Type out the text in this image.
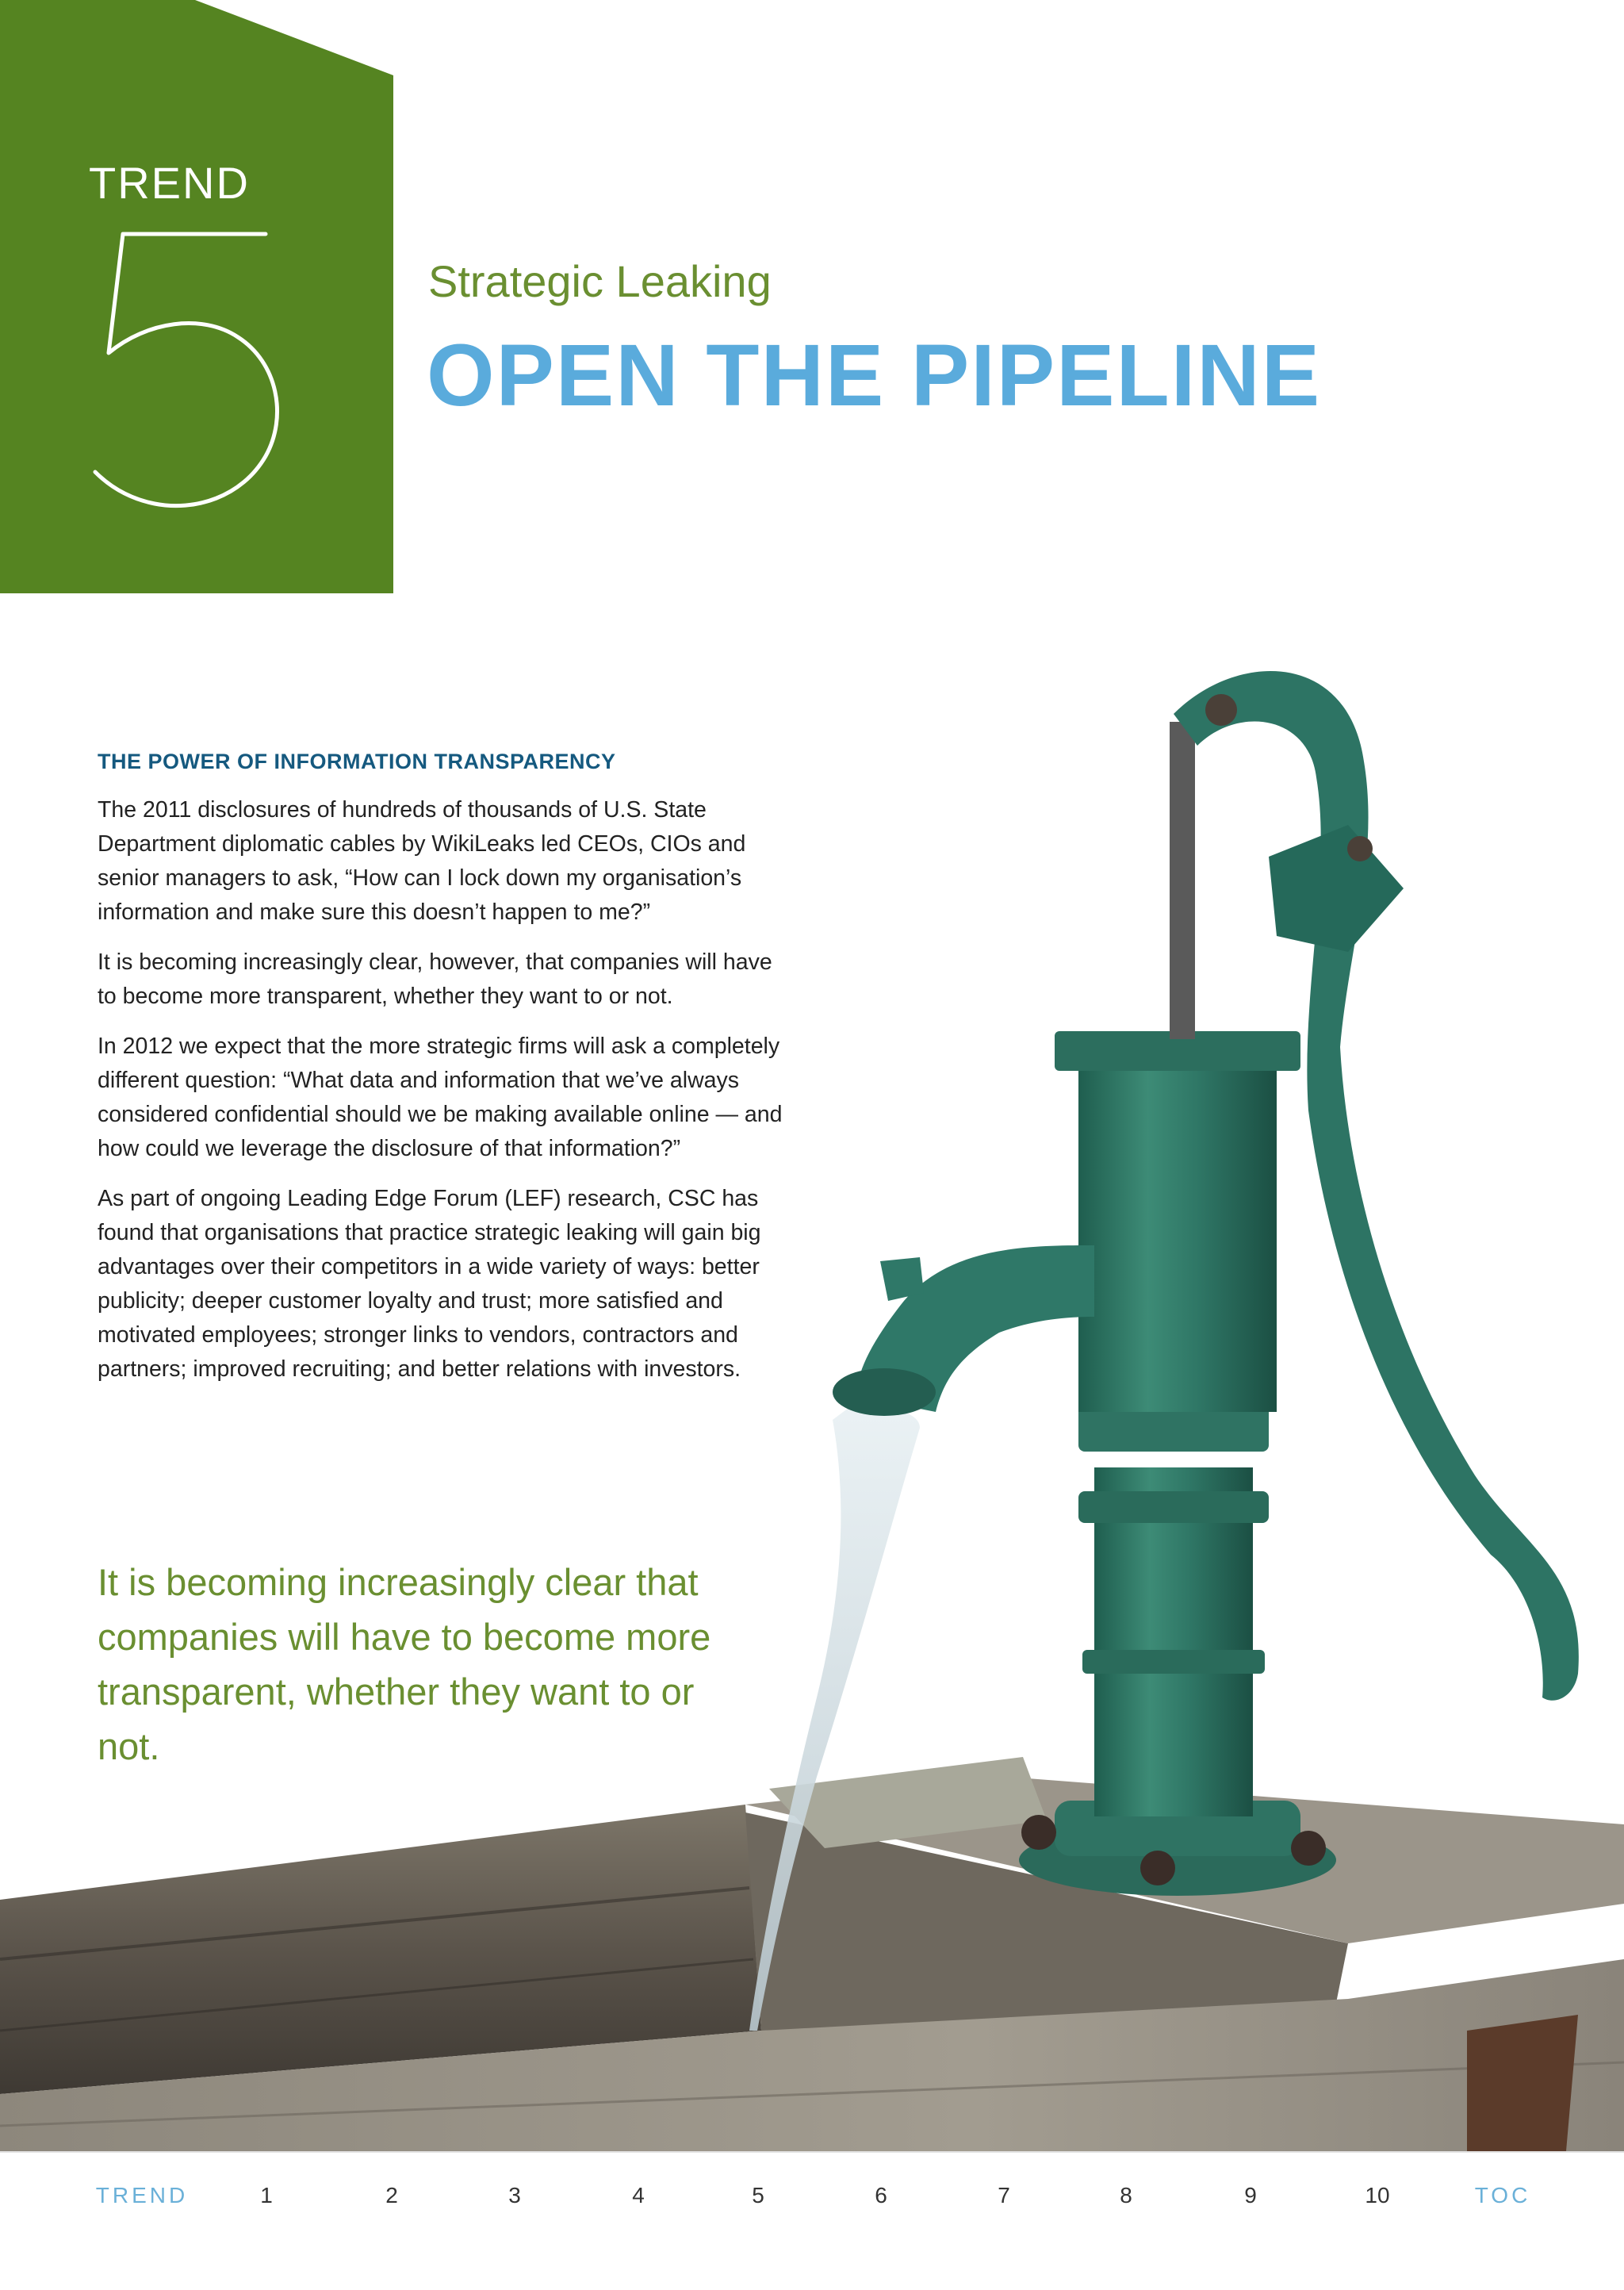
TREND
Strategic Leaking
OPEN THE PIPELINE
THE POWER OF INFORMATION TRANSPARENCY

The 2011 disclosures of hundreds of thousands of U.S. State Department diplomatic cables by WikiLeaks led CEOs, CIOs and senior managers to ask, “How can I lock down my organisation’s information and make sure this doesn’t happen to me?”

It is becoming increasingly clear, however, that companies will have to become more transparent, whether they want to or not.

In 2012 we expect that the more strategic firms will ask a completely different question: “What data and information that we’ve always considered confidential should we be making available online — and how could we leverage the disclosure of that information?”

As part of ongoing Leading Edge Forum (LEF) research, CSC has found that organisations that practice strategic leaking will gain big advantages over their competitors in a wide variety of ways: better publicity; deeper customer loyalty and trust; more satisfied and motivated employees; stronger links to vendors, contractors and partners; improved recruiting; and better relations with investors.

It is becoming increasingly clear that companies will have to become more transparent, whether they want to or not.
TREND	1	2	3	4	5	6	7	8	9	10	TOC
